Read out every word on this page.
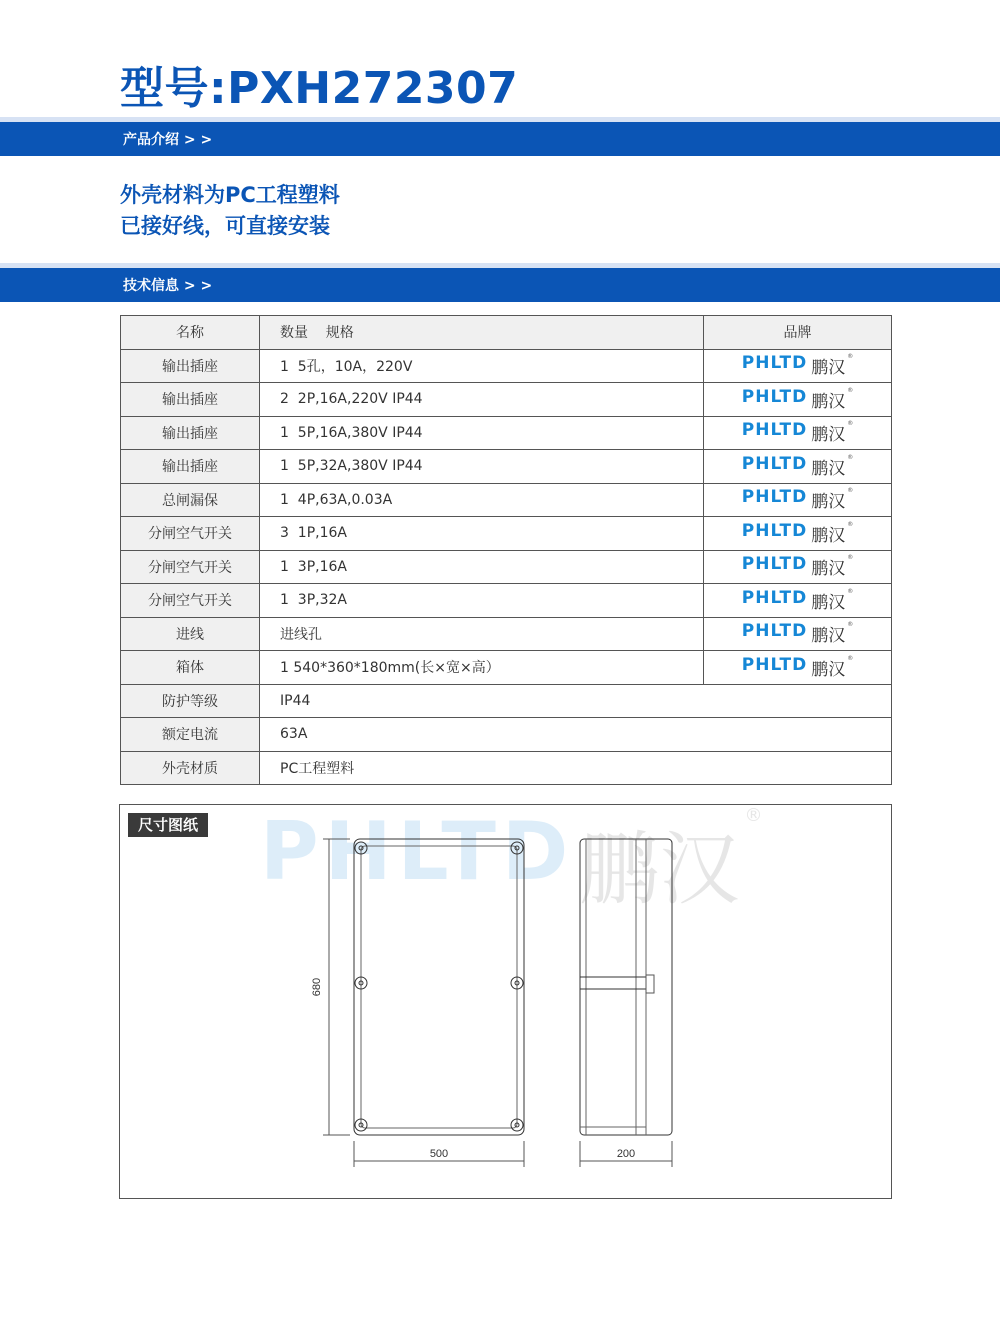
型号:PXH272307
产品介绍 > >
外壳材料为PC工程塑料
已接好线，可直接安装
技术信息 > >
名称	数量    规格	品牌
输出插座	1  5孔，10A，220V	PHLTD 鹏汉
®

输出插座	2  2P,16A,220V IP44	PHLTD 鹏汉
®

输出插座	1  5P,16A,380V IP44	PHLTD 鹏汉
®

输出插座	1  5P,32A,380V IP44	PHLTD 鹏汉
®

总闸漏保	1  4P,63A,0.03A	PHLTD 鹏汉
®

分闸空气开关	3  1P,16A	PHLTD 鹏汉
®

分闸空气开关	1  3P,16A	PHLTD 鹏汉
®

分闸空气开关	1  3P,32A	PHLTD 鹏汉
®

进线	进线孔	PHLTD 鹏汉
®

箱体	1 540*360*180mm(长×宽×高）	PHLTD 鹏汉
®

防护等级	IP44	
额定电流	63A	
外壳材质	PC工程塑料	
PHLTD 鹏汉 ®
尺寸图纸
680
500	200
